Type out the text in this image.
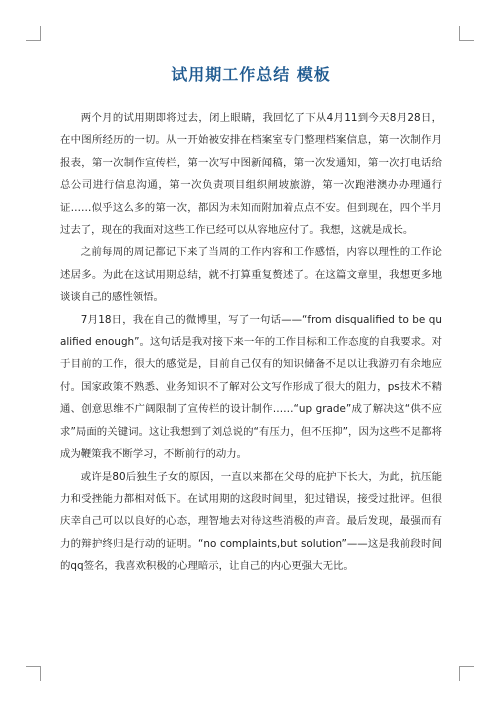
试用期工作总结 模板

两个月的试用期即将过去，闭上眼睛，我回忆了下从4月11到今天8月28日，在中图所经历的一切。从一开始被安排在档案室专门整理档案信息，第一次制作月报表，第一次制作宣传栏，第一次写中图新闻稿，第一次发通知，第一次打电话给总公司进行信息沟通，第一次负责项目组织闸坡旅游，第一次跑港澳办办理通行证……似乎这么多的第一次，都因为未知而附加着点点不安。但到现在，四个半月过去了，现在的我面对这些工作已经可以从容地应付了。我想，这就是成长。

之前每周的周记都记下来了当周的工作内容和工作感悟，内容以理性的工作论述居多。为此在这试用期总结，就不打算重复赘述了。在这篇文章里，我想更多地谈谈自己的感性领悟。

7月18日，我在自己的微博里，写了一句话——“from disqualified to be qualified enough”。这句话是我对接下来一年的工作目标和工作态度的自我要求。对于目前的工作，很大的感觉是，目前自己仅有的知识储备不足以让我游刃有余地应付。国家政策不熟悉、业务知识不了解对公文写作形成了很大的阻力，ps技术不精通、创意思维不广阔限制了宣传栏的设计制作……“up grade”成了解决这“供不应求”局面的关键词。这让我想到了刘总说的“有压力，但不压抑”，因为这些不足都将成为鞭策我不断学习，不断前行的动力。

或许是80后独生子女的原因，一直以来都在父母的庇护下长大，为此，抗压能力和受挫能力都相对低下。在试用期的这段时间里，犯过错误，接受过批评。但很庆幸自己可以以良好的心态，理智地去对待这些消极的声音。最后发现，最强而有力的辩护终归是行动的证明。“no complaints,but solution”——这是我前段时间的qq签名，我喜欢积极的心理暗示，让自己的内心更强大无比。
